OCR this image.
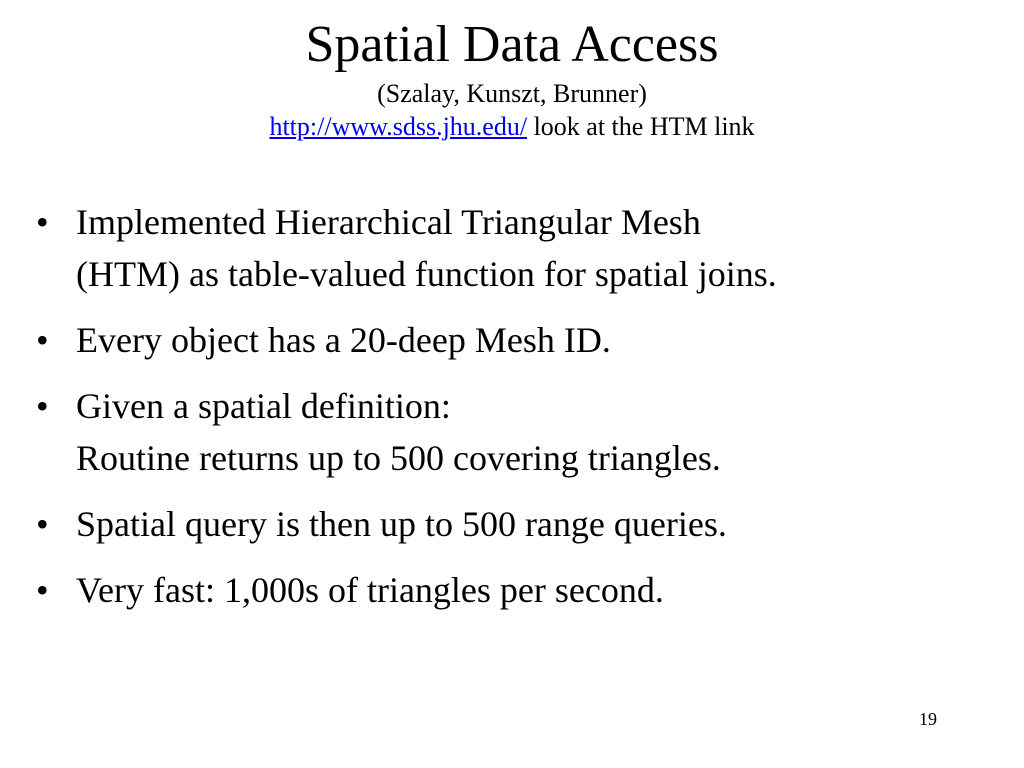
Spatial Data Access
(Szalay, Kunszt, Brunner)
http://www.sdss.jhu.edu/ look at the HTM link
• Implemented Hierarchical Triangular Mesh
(HTM) as table-valued function for spatial joins.
• Every object has a 20-deep Mesh ID.
• Given a spatial definition:
Routine returns up to 500 covering triangles.
• Spatial query is then up to 500 range queries.
• Very fast: 1,000s of triangles per second.
19
